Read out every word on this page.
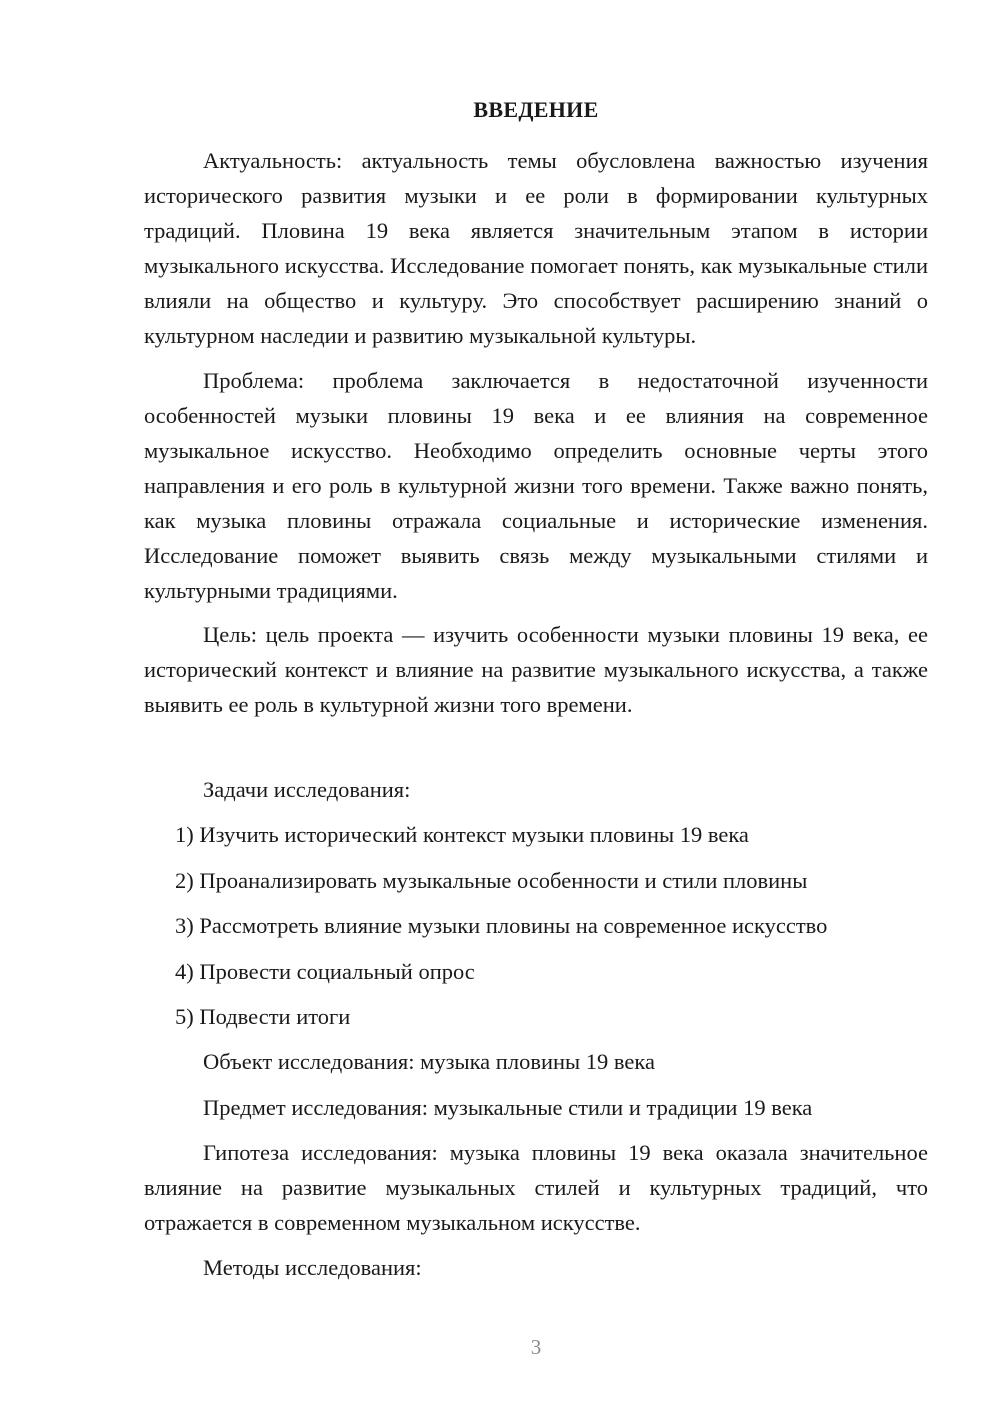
ВВЕДЕНИЕ

Актуальность: актуальность темы обусловлена важностью изучения исторического развития музыки и ее роли в формировании культурных традиций. Пловина 19 века является значительным этапом в истории музыкального искусства. Исследование помогает понять, как музыкальные стили влияли на общество и культуру. Это способствует расширению знаний о культурном наследии и развитию музыкальной культуры.

Проблема: проблема заключается в недостаточной изученности особенностей музыки пловины 19 века и ее влияния на современное музыкальное искусство. Необходимо определить основные черты этого направления и его роль в культурной жизни того времени. Также важно понять, как музыка пловины отражала социальные и исторические изменения. Исследование поможет выявить связь между музыкальными стилями и культурными традициями.

Цель: цель проекта — изучить особенности музыки пловины 19 века, ее исторический контекст и влияние на развитие музыкального искусства, а также выявить ее роль в культурной жизни того времени.

Задачи исследования:

1) Изучить исторический контекст музыки пловины 19 века

2) Проанализировать музыкальные особенности и стили пловины

3) Рассмотреть влияние музыки пловины на современное искусство

4) Провести социальный опрос

5) Подвести итоги

Объект исследования: музыка пловины 19 века

Предмет исследования: музыкальные стили и традиции 19 века

Гипотеза исследования: музыка пловины 19 века оказала значительное влияние на развитие музыкальных стилей и культурных традиций, что отражается в современном музыкальном искусстве.

Методы исследования:

3
